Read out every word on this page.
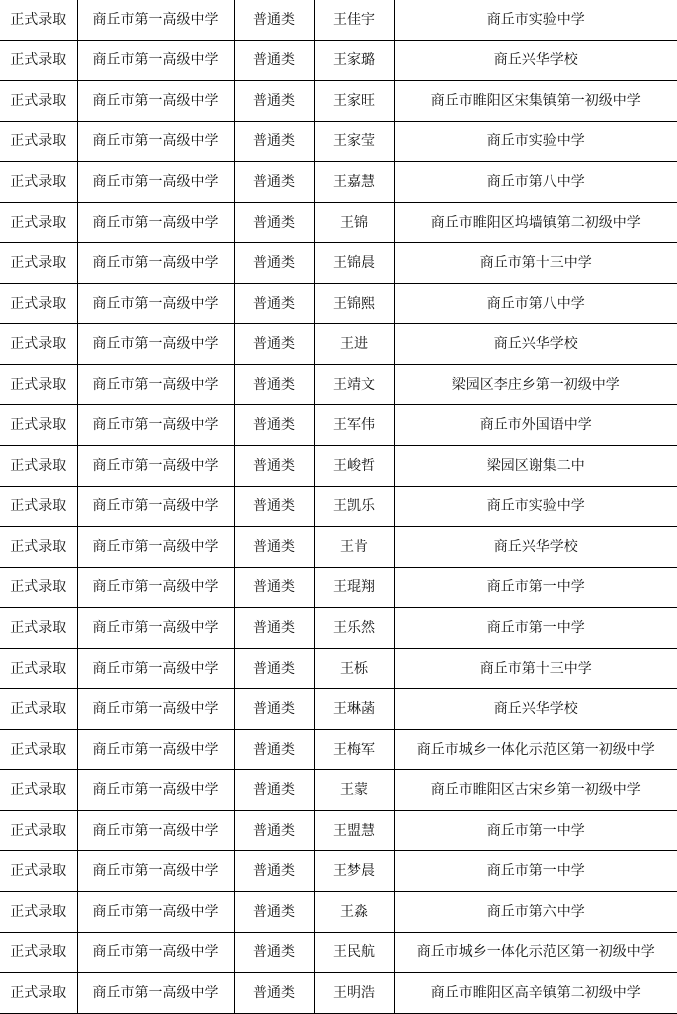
正式录取	商丘市第一高级中学	普通类	王佳宇	商丘市实验中学
正式录取	商丘市第一高级中学	普通类	王家璐	商丘兴华学校
正式录取	商丘市第一高级中学	普通类	王家旺	商丘市睢阳区宋集镇第一初级中学
正式录取	商丘市第一高级中学	普通类	王家莹	商丘市实验中学
正式录取	商丘市第一高级中学	普通类	王嘉慧	商丘市第八中学
正式录取	商丘市第一高级中学	普通类	王锦	商丘市睢阳区坞墙镇第二初级中学
正式录取	商丘市第一高级中学	普通类	王锦晨	商丘市第十三中学
正式录取	商丘市第一高级中学	普通类	王锦熙	商丘市第八中学
正式录取	商丘市第一高级中学	普通类	王进	商丘兴华学校
正式录取	商丘市第一高级中学	普通类	王靖文	梁园区李庄乡第一初级中学
正式录取	商丘市第一高级中学	普通类	王军伟	商丘市外国语中学
正式录取	商丘市第一高级中学	普通类	王峻哲	梁园区谢集二中
正式录取	商丘市第一高级中学	普通类	王凯乐	商丘市实验中学
正式录取	商丘市第一高级中学	普通类	王肯	商丘兴华学校
正式录取	商丘市第一高级中学	普通类	王琨翔	商丘市第一中学
正式录取	商丘市第一高级中学	普通类	王乐然	商丘市第一中学
正式录取	商丘市第一高级中学	普通类	王栎	商丘市第十三中学
正式录取	商丘市第一高级中学	普通类	王琳菡	商丘兴华学校
正式录取	商丘市第一高级中学	普通类	王梅军	商丘市城乡一体化示范区第一初级中学
正式录取	商丘市第一高级中学	普通类	王蒙	商丘市睢阳区古宋乡第一初级中学
正式录取	商丘市第一高级中学	普通类	王盟慧	商丘市第一中学
正式录取	商丘市第一高级中学	普通类	王梦晨	商丘市第一中学
正式录取	商丘市第一高级中学	普通类	王淼	商丘市第六中学
正式录取	商丘市第一高级中学	普通类	王民航	商丘市城乡一体化示范区第一初级中学
正式录取	商丘市第一高级中学	普通类	王明浩	商丘市睢阳区高辛镇第二初级中学
